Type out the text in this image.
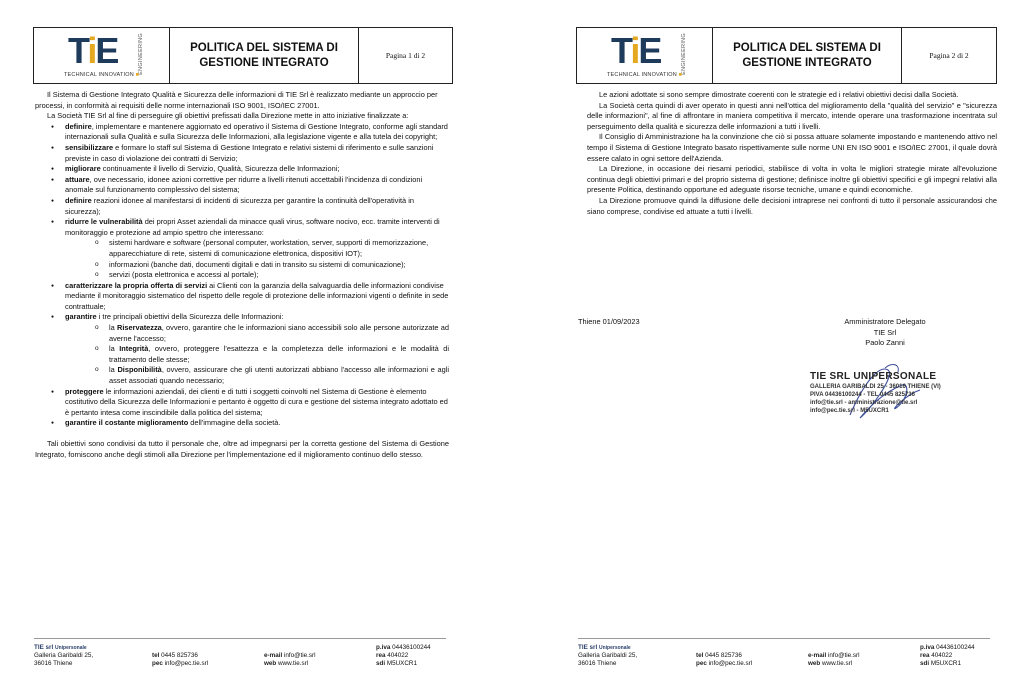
TiE	ENGINEERING
TECHNICAL INNOVATION ■
POLITICA DEL SISTEMA DI
GESTIONE INTEGRATO
Pagina 1 di 2

Il Sistema di Gestione Integrato Qualità e Sicurezza delle informazioni di TIE Srl è realizzato mediante un approccio per processi, in conformità ai requisiti delle norme internazionali ISO 9001, ISO/IEC 27001.

La Società TIE Srl al fine di perseguire gli obiettivi prefissati dalla Direzione mette in atto iniziative finalizzate a:

● definire, implementare e mantenere aggiornato ed operativo il Sistema di Gestione Integrato, conforme agli standard internazionali sulla Qualità e sulla Sicurezza delle Informazioni, alla legislazione vigente e alla tutela dei copyright;
● sensibilizzare e formare lo staff sul Sistema di Gestione Integrato e relativi sistemi di riferimento e sulle sanzioni previste in caso di violazione dei contratti di Servizio;
● migliorare continuamente il livello di Servizio, Qualità, Sicurezza delle Informazioni;
● attuare, ove necessario, idonee azioni correttive per ridurre a livelli ritenuti accettabili l'incidenza di condizioni anomale sul funzionamento complessivo del sistema;
● definire reazioni idonee al manifestarsi di incidenti di sicurezza per garantire la continuità dell'operatività in sicurezza);
● ridurre le vulnerabilità dei propri Asset aziendali da minacce quali virus, software nocivo, ecc. tramite interventi di monitoraggio e protezione ad ampio spettro che interessano:
o sistemi hardware e software (personal computer, workstation, server, supporti di memorizzazione, apparecchiature di rete, sistemi di comunicazione elettronica, dispositivi IOT);
o informazioni (banche dati, documenti digitali e dati in transito su sistemi di comunicazione);
o servizi (posta elettronica e accessi al portale);
● caratterizzare la propria offerta di servizi ai Clienti con la garanzia della salvaguardia delle informazioni condivise mediante il monitoraggio sistematico del rispetto delle regole di protezione delle informazioni vigenti o definite in sede contrattuale;
● garantire i tre principali obiettivi della Sicurezza delle Informazioni:
o la Riservatezza, ovvero, garantire che le informazioni siano accessibili solo alle persone autorizzate ad averne l'accesso;
o la Integrità, ovvero, proteggere l'esattezza e la completezza delle informazioni e le modalità di trattamento delle stesse;
o la Disponibilità, ovvero, assicurare che gli utenti autorizzati abbiano l'accesso alle informazioni e agli asset associati quando necessario;
● proteggere le informazioni aziendali, dei clienti e di tutti i soggetti coinvolti nel Sistema di Gestione è elemento costitutivo della Sicurezza delle Informazioni e pertanto è oggetto di cura e gestione del sistema integrato adottato ed è pertanto intesa come inscindibile dalla politica del sistema;
● garantire il costante miglioramento dell'immagine della società.

Tali obiettivi sono condivisi da tutto il personale che, oltre ad impegnarsi per la corretta gestione del Sistema di Gestione Integrato, forniscono anche degli stimoli alla Direzione per l'implementazione ed il miglioramento continuo dello stesso.

TIE srl Unipersonale
Galleria Garibaldi 25,
36016 Thiene
tel 0445 825736
pec info@pec.tie.srl
e-mail info@tie.srl
web www.tie.srl
p.iva 04436100244
rea 404022
sdi M5UXCR1
TiE	ENGINEERING
TECHNICAL INNOVATION ■
POLITICA DEL SISTEMA DI
GESTIONE INTEGRATO
Pagina 2 di 2

Le azioni adottate si sono sempre dimostrate coerenti con le strategie ed i relativi obiettivi decisi dalla Società.

La Società certa quindi di aver operato in questi anni nell'ottica del miglioramento della "qualità del servizio" e "sicurezza delle informazioni", al fine di affrontare in maniera competitiva il mercato, intende operare una trasformazione incentrata sul perseguimento della qualità e sicurezza delle informazioni a tutti i livelli.

Il Consiglio di Amministrazione ha la convinzione che ciò si possa attuare solamente impostando e mantenendo attivo nel tempo il Sistema di Gestione Integrato basato rispettivamente sulle norme UNI EN ISO 9001 e ISO/IEC 27001, il quale dovrà essere calato in ogni settore dell'Azienda.

La Direzione, in occasione dei riesami periodici, stabilisce di volta in volta le migliori strategie mirate all'evoluzione continua degli obiettivi primari e del proprio sistema di gestione; definisce inoltre gli obiettivi specifici e gli impegni relativi alla presente Politica, destinando opportune ed adeguate risorse tecniche, umane e quindi economiche.

La Direzione promuove quindi la diffusione delle decisioni intraprese nei confronti di tutto il personale assicurandosi che siano comprese, condivise ed attuate a tutti i livelli.

Thiene 01/09/2023	Amministratore Delegato
TIE Srl
Paolo Zanni
TIE SRL UNIPERSONALE
GALLERIA GARIBALDI 25 - 36016 THIENE (VI)
PIVA 04436100244 - TEL 0445 825736
info@tie.srl - amministrazione@tie.srl
info@pec.tie.srl - M5UXCR1
TIE srl Unipersonale
Galleria Garibaldi 25,
36016 Thiene
tel 0445 825736
pec info@pec.tie.srl
e-mail info@tie.srl
web www.tie.srl
p.iva 04436100244
rea 404022
sdi M5UXCR1
